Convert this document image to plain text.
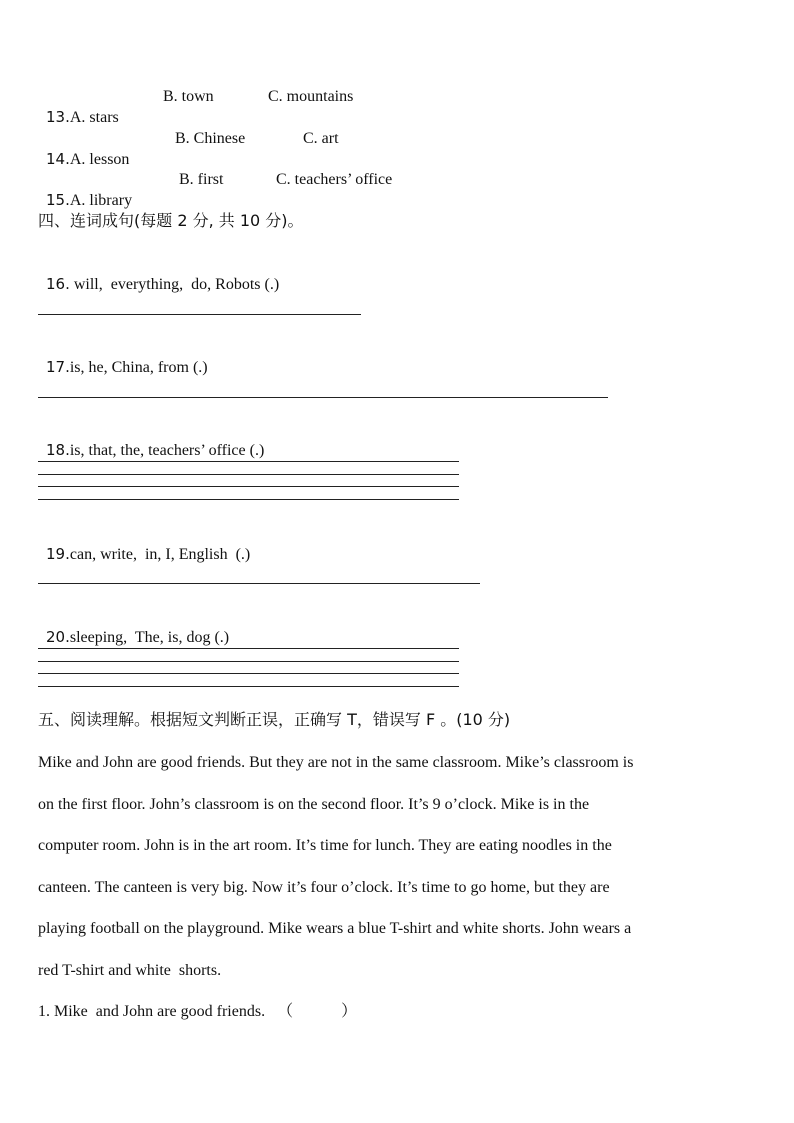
13.A. stars

B. town	C. mountains

14.A. lesson

B. Chinese	C. art

15.A. library

B. first	C. teachers’ office
四、连词成句(每题 2 分, 共 10 分)。

16. will,  everything,  do, Robots (.)

17.is, he, China, from (.)

18.is, that, the, teachers’ office (.)

19.can, write,  in, I, English  (.)

20.sleeping,  The, is, dog (.)

五、阅读理解。根据短文判断正误，正确写 T，错误写 F 。(10 分)
Mike and John are good friends. But they are not in the same classroom. Mike’s classroom is
on the first floor. John’s classroom is on the second floor. It’s 9 o’clock. Mike is in the
computer room. John is in the art room. It’s time for lunch. They are eating noodles in the
canteen. The canteen is very big. Now it’s four o’clock. It’s time to go home, but they are
playing football on the playground. Mike wears a blue T-shirt and white shorts. John wears a
red T-shirt and white  shorts.
1. Mike  and John are good friends.   （            ）
